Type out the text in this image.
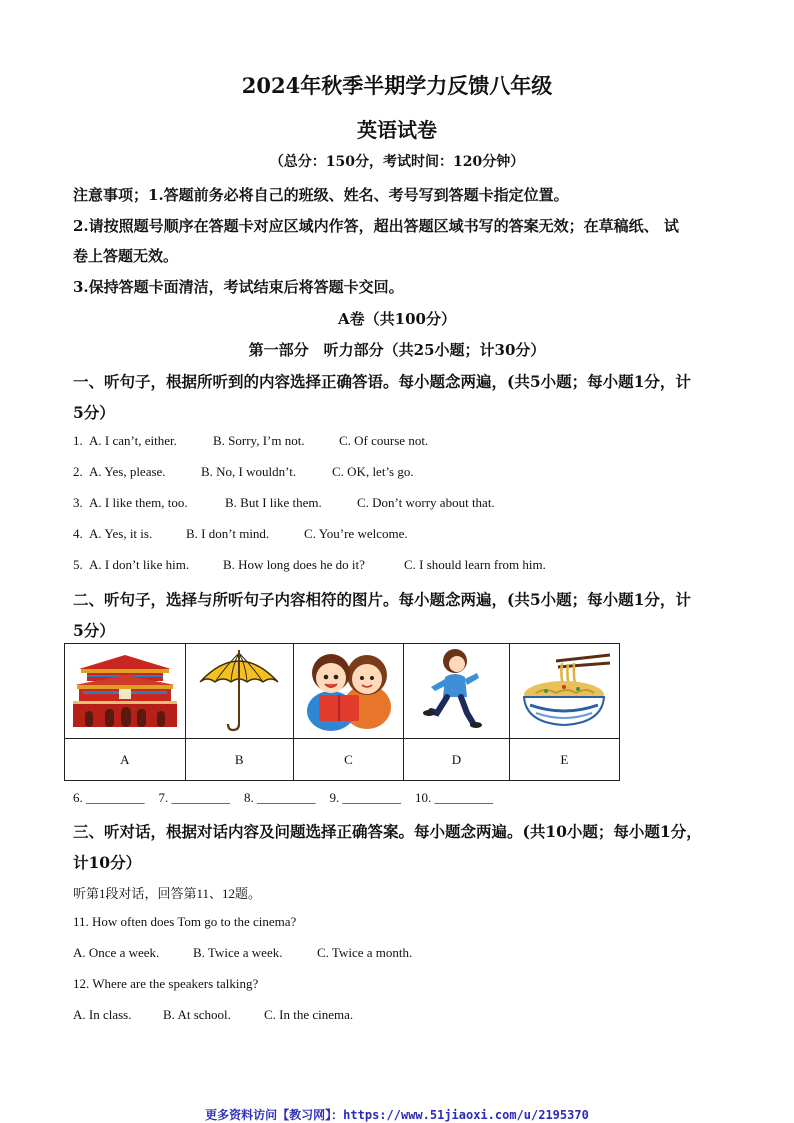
2024年秋季半期学力反馈八年级
英语试卷
（总分：150分，考试时间：120分钟）
注意事项；1.答题前务必将自己的班级、姓名、考号写到答题卡指定位置。
2.请按照题号顺序在答题卡对应区域内作答，超出答题区域书写的答案无效；在草稿纸、 试
卷上答题无效。
3.保持答题卡面清洁，考试结束后将答题卡交回。
A卷（共100分）
第一部分　听力部分（共25小题；计30分）
一、听句子，根据所听到的内容选择正确答语。每小题念两遍，(共5小题；每小题1分，计
5分）
1. A. I can’t, either.	B. Sorry, I’m not.	C. Of course not.
2. A. Yes, please.	B. No, I wouldn’t.	C. OK, let’s go.
3. A. I like them, too.	B. But I like them.	C. Don’t worry about that.
4. A. Yes, it is.	B. I don’t mind.	C. You’re welcome.
5. A. I don’t like him.	B. How long does he do it?	C. I should learn from him.
二、听句子，选择与所听句子内容相符的图片。每小题念两遍，(共5小题；每小题1分，计
5分）

A	B	C	D	E
6. _________ 7. _________ 8. _________ 9. _________ 10. _________
三、听对话，根据对话内容及问题选择正确答案。每小题念两遍。(共10小题；每小题1分，
计10分）
听第1段对话，回答第11、12题。
11. How often does Tom go to the cinema?
A. Once a week.	B. Twice a week.	C. Twice a month.
12. Where are the speakers talking?
A. In class. B. At school.	C. In the cinema.
更多资料访问【教习网】：https://www.51jiaoxi.com/u/2195370
